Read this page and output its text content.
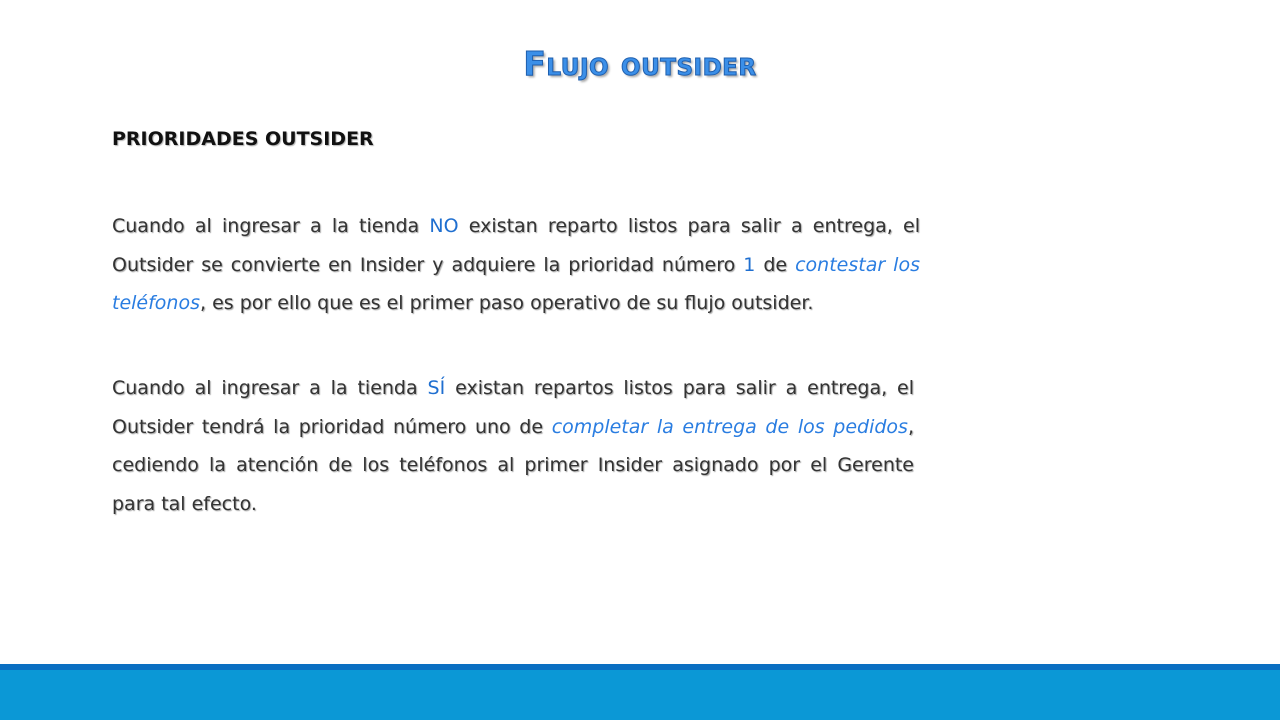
Flujo outsider
PRIORIDADES OUTSIDER

Cuando al ingresar a la tienda NO existan reparto listos para salir a entrega, el Outsider se convierte en Insider y adquiere la prioridad número 1 de contestar los teléfonos, es por ello que es el primer paso operativo de su flujo outsider.

Cuando al ingresar a la tienda SÍ existan repartos listos para salir a entrega, el Outsider tendrá la prioridad número uno de completar la entrega de los pedidos, cediendo la atención de los teléfonos al primer Insider asignado por el Gerente para tal efecto.
